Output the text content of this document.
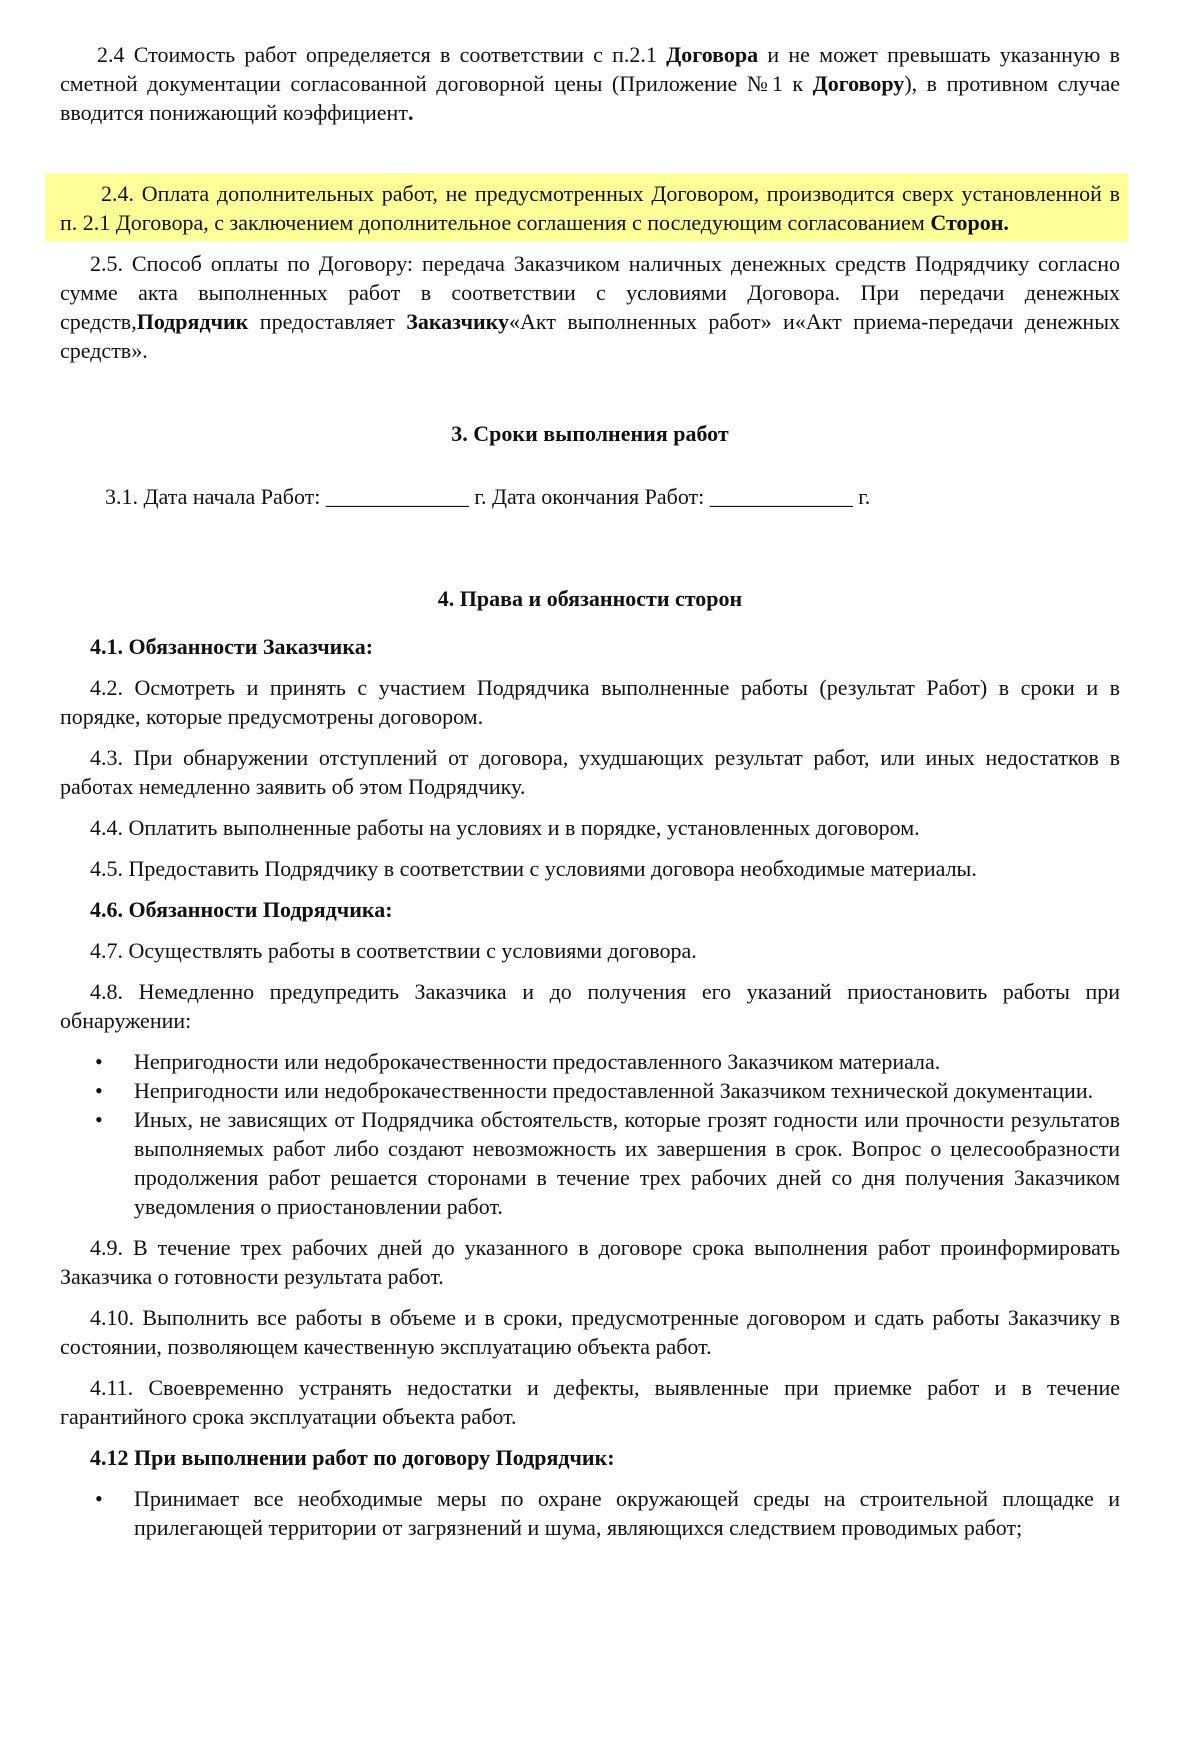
2.4 Стоимость работ определяется в соответствии с п.2.1 Договора и не может превышать указанную в сметной документации согласованной договорной цены (Приложение №1 к Договору), в противном случае вводится понижающий коэффициент.

2.4. Оплата дополнительных работ, не предусмотренных Договором, производится сверх установленной в п. 2.1 Договора, с заключением дополнительное соглашения с последующим согласованием Сторон.

2.5. Способ оплаты по Договору: передача Заказчиком наличных денежных средств Подрядчику согласно сумме акта выполненных работ в соответствии с условиями Договора. При передачи денежных средств,Подрядчик предоставляет Заказчику«Акт выполненных работ» и«Акт приема-передачи денежных средств».

3. Сроки выполнения работ

3.1. Дата начала Работ: _____________ г. Дата окончания Работ: _____________ г.

4. Права и обязанности сторон

4.1. Обязанности Заказчика:

4.2. Осмотреть и принять с участием Подрядчика выполненные работы (результат Работ) в сроки и в порядке, которые предусмотрены договором.

4.3. При обнаружении отступлений от договора, ухудшающих результат работ, или иных недостатков в работах немедленно заявить об этом Подрядчику.

4.4. Оплатить выполненные работы на условиях и в порядке, установленных договором.

4.5. Предоставить Подрядчику в соответствии с условиями договора необходимые материалы.

4.6. Обязанности Подрядчика:

4.7. Осуществлять работы в соответствии с условиями договора.

4.8. Немедленно предупредить Заказчика и до получения его указаний приостановить работы при обнаружении:

• Непригодности или недоброкачественности предоставленного Заказчиком материала.
• Непригодности или недоброкачественности предоставленной Заказчиком технической документации.
• Иных, не зависящих от Подрядчика обстоятельств, которые грозят годности или прочности результатов выполняемых работ либо создают невозможность их завершения в срок. Вопрос о целесообразности продолжения работ решается сторонами в течение трех рабочих дней со дня получения Заказчиком уведомления о приостановлении работ.

4.9. В течение трех рабочих дней до указанного в договоре срока выполнения работ проинформировать Заказчика о готовности результата работ.

4.10. Выполнить все работы в объеме и в сроки, предусмотренные договором и сдать работы Заказчику в состоянии, позволяющем качественную эксплуатацию объекта работ.

4.11. Своевременно устранять недостатки и дефекты, выявленные при приемке работ и в течение гарантийного срока эксплуатации объекта работ.

4.12 При выполнении работ по договору Подрядчик:

• Принимает все необходимые меры по охране окружающей среды на строительной площадке и прилегающей территории от загрязнений и шума, являющихся следствием проводимых работ;
